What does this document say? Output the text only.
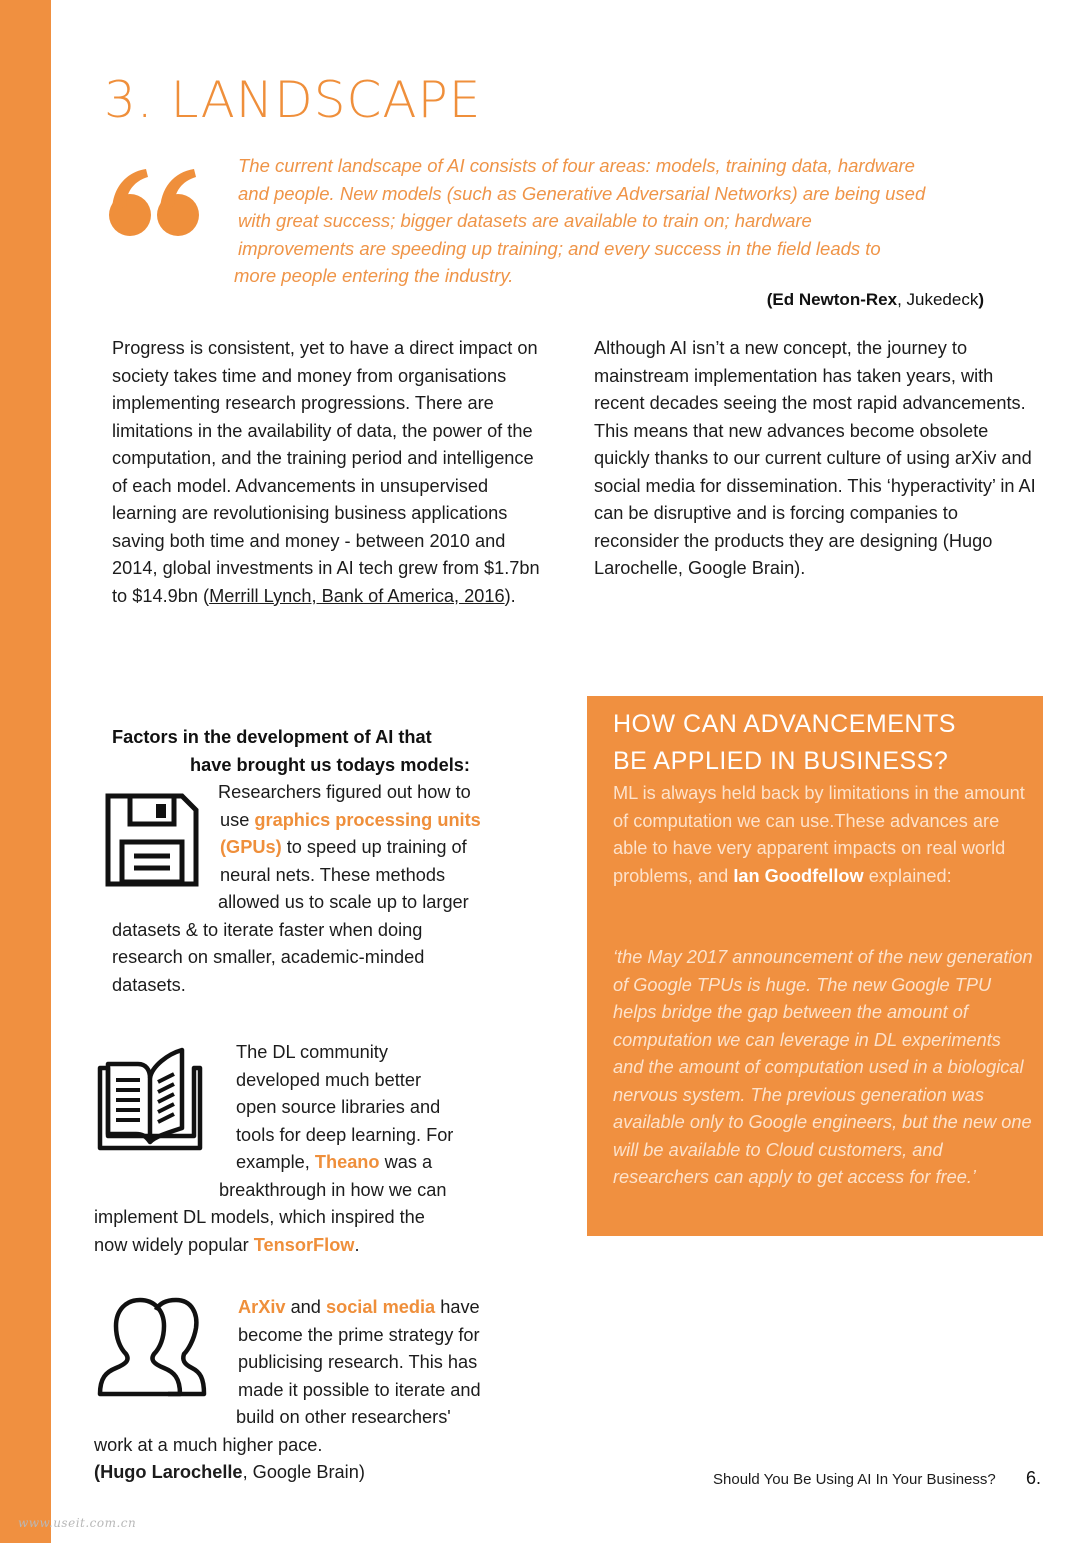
3. LANDSCAPE
The current landscape of AI consists of four areas: models, training data, hardware
and people. New models (such as Generative Adversarial Networks) are being used
with great success; bigger datasets are available to train on; hardware
improvements are speeding up training; and every success in the field leads to
more people entering the industry.
(Ed Newton-Rex, Jukedeck)

Progress is consistent, yet to have a direct impact on society takes time and money from organisations implementing research progressions. There are limitations in the availability of data, the power of the computation, and the training period and intelligence of each model. Advancements in unsupervised learning are revolutionising business applications saving both time and money - between 2010 and 2014, global investments in AI tech grew from $1.7bn to $14.9bn (Merrill Lynch, Bank of America, 2016).

Although AI isn’t a new concept, the journey to mainstream implementation has taken years, with recent decades seeing the most rapid advancements. This means that new advances become obsolete quickly thanks to our current culture of using arXiv and social media for dissemination. This ‘hyperactivity’ in AI can be disruptive and is forcing companies to reconsider the products they are designing (Hugo Larochelle, Google Brain).

Factors in the development of AI that
have brought us todays models:
Researchers figured out how to
use graphics processing units
(GPUs) to speed up training of
neural nets. These methods
allowed us to scale up to larger
datasets & to iterate faster when doing
research on smaller, academic-minded
datasets.
The DL community
developed much better
open source libraries and
tools for deep learning. For
example, Theano was a
breakthrough in how we can
implement DL models, which inspired the
now widely popular TensorFlow.
ArXiv and social media have
become the prime strategy for
publicising research. This has
made it possible to iterate and
build on other researchers'
work at a much higher pace.
(Hugo Larochelle, Google Brain)
HOW CAN ADVANCEMENTS
BE APPLIED IN BUSINESS?
ML is always held back by limitations in the amount of computation we can use.These advances are able to have very apparent impacts on real world problems, and Ian Goodfellow explained:
‘the May 2017 announcement of the new generation of Google TPUs is huge. The new Google TPU helps bridge the gap between the amount of computation we can leverage in DL experiments and the amount of computation used in a biological nervous system. The previous generation was available only to Google engineers, but the new one will be available to Cloud customers, and researchers can apply to get access for free.’
Should You Be Using AI In Your Business? 6.
www.useit.com.cn
